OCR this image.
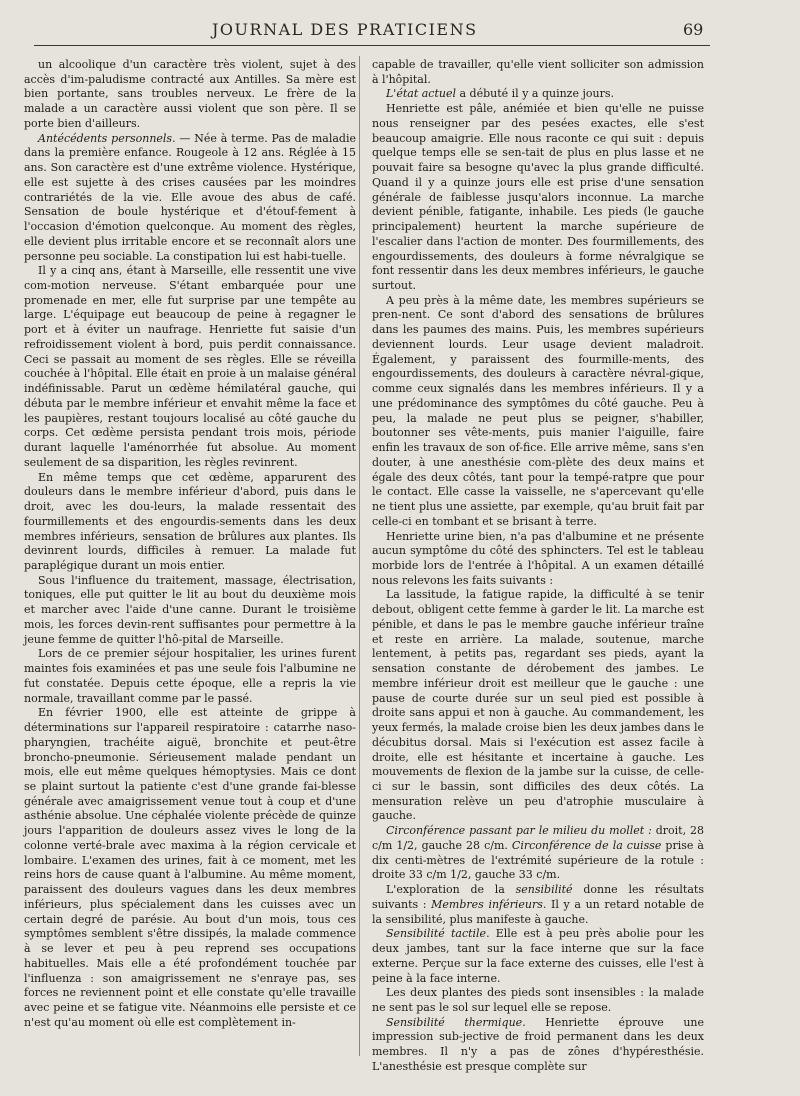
JOURNAL DES PRATICIENS	69

un alcoolique d'un caractère très violent, sujet à des accès d'im-paludisme contracté aux Antilles. Sa mère est bien portante, sans troubles nerveux. Le frère de la malade a un caractère aussi violent que son père. Il se porte bien d'ailleurs.

Antécédents personnels. — Née à terme. Pas de maladie dans la première enfance. Rougeole à 12 ans. Réglée à 15 ans. Son caractère est d'une extrême violence. Hystérique, elle est sujette à des crises causées par les moindres contrariétés de la vie. Elle avoue des abus de café. Sensation de boule hystérique et d'étouf-fement à l'occasion d'émotion quelconque. Au moment des règles, elle devient plus irritable encore et se reconnaît alors une personne peu sociable. La constipation lui est habi-tuelle.

Il y a cinq ans, étant à Marseille, elle ressentit une vive com-motion nerveuse. S'étant embarquée pour une promenade en mer, elle fut surprise par une tempête au large. L'équipage eut beaucoup de peine à regagner le port et à éviter un naufrage. Henriette fut saisie d'un refroidissement violent à bord, puis perdit connaissance. Ceci se passait au moment de ses règles. Elle se réveilla couchée à l'hôpital. Elle était en proie à un malaise général indéfinissable. Parut un œdème hémilatéral gauche, qui débuta par le membre inférieur et envahit même la face et les paupières, restant toujours localisé au côté gauche du corps. Cet œdème persista pendant trois mois, période durant laquelle l'aménorrhée fut absolue. Au moment seulement de sa disparition, les règles revinrent.

En même temps que cet œdème, apparurent des douleurs dans le membre inférieur d'abord, puis dans le droit, avec les dou-leurs, la malade ressentait des fourmillements et des engourdis-sements dans les deux membres inférieurs, sensation de brûlures aux plantes. Ils devinrent lourds, difficiles à remuer. La malade fut paraplégique durant un mois entier.

Sous l'influence du traitement, massage, électrisation, toniques, elle put quitter le lit au bout du deuxième mois et marcher avec l'aide d'une canne. Durant le troisième mois, les forces devin-rent suffisantes pour permettre à la jeune femme de quitter l'hô-pital de Marseille.

Lors de ce premier séjour hospitalier, les urines furent maintes fois examinées et pas une seule fois l'albumine ne fut constatée. Depuis cette époque, elle a repris la vie normale, travaillant comme par le passé.

En février 1900, elle est atteinte de grippe à déterminations sur l'appareil respiratoire : catarrhe naso-pharyngien, trachéite aiguë, bronchite et peut-être broncho-pneumonie. Sérieusement malade pendant un mois, elle eut même quelques hémoptysies. Mais ce dont se plaint surtout la patiente c'est d'une grande fai-blesse générale avec amaigrissement venue tout à coup et d'une asthénie absolue. Une céphalée violente précède de quinze jours l'apparition de douleurs assez vives le long de la colonne verté-brale avec maxima à la région cervicale et lombaire. L'examen des urines, fait à ce moment, met les reins hors de cause quant à l'albumine. Au même moment, paraissent des douleurs vagues dans les deux membres inférieurs, plus spécialement dans les cuisses avec un certain degré de parésie. Au bout d'un mois, tous ces symptômes semblent s'être dissipés, la malade commence à se lever et peu à peu reprend ses occupations habituelles. Mais elle a été profondément touchée par l'influenza : son amaigrissement ne s'enraye pas, ses forces ne reviennent point et elle constate qu'elle travaille avec peine et se fatigue vite. Néanmoins elle persiste et ce n'est qu'au moment où elle est complètement in-

capable de travailler, qu'elle vient solliciter son admission à l'hôpital.

L'état actuel a débuté il y a quinze jours.

Henriette est pâle, anémiée et bien qu'elle ne puisse nous renseigner par des pesées exactes, elle s'est beaucoup amaigrie. Elle nous raconte ce qui suit : depuis quelque temps elle se sen-tait de plus en plus lasse et ne pouvait faire sa besogne qu'avec la plus grande difficulté. Quand il y a quinze jours elle est prise d'une sensation générale de faiblesse jusqu'alors inconnue. La marche devient pénible, fatigante, inhabile. Les pieds (le gauche principalement) heurtent la marche supérieure de l'escalier dans l'action de monter. Des fourmillements, des engourdissements, des douleurs à forme névralgique se font ressentir dans les deux membres inférieurs, le gauche surtout.

A peu près à la même date, les membres supérieurs se pren-nent. Ce sont d'abord des sensations de brûlures dans les paumes des mains. Puis, les membres supérieurs deviennent lourds. Leur usage devient maladroit. Également, y paraissent des fourmille-ments, des engourdissements, des douleurs à caractère névral-gique, comme ceux signalés dans les membres inférieurs. Il y a une prédominance des symptômes du côté gauche. Peu à peu, la malade ne peut plus se peigner, s'habiller, boutonner ses vête-ments, puis manier l'aiguille, faire enfin les travaux de son of-fice. Elle arrive même, sans s'en douter, à une anesthésie com-plète des deux mains et égale des deux côtés, tant pour la tempé-ratpre que pour le contact. Elle casse la vaisselle, ne s'apercevant qu'elle ne tient plus une assiette, par exemple, qu'au bruit fait par celle-ci en tombant et se brisant à terre.

Henriette urine bien, n'a pas d'albumine et ne présente aucun symptôme du côté des sphincters. Tel est le tableau morbide lors de l'entrée à l'hôpital. A un examen détaillé nous relevons les faits suivants :

La lassitude, la fatigue rapide, la difficulté à se tenir debout, obligent cette femme à garder le lit. La marche est pénible, et dans le pas le membre gauche inférieur traîne et reste en arrière. La malade, soutenue, marche lentement, à petits pas, regardant ses pieds, ayant la sensation constante de dérobement des jambes. Le membre inférieur droit est meilleur que le gauche : une pause de courte durée sur un seul pied est possible à droite sans appui et non à gauche. Au commandement, les yeux fermés, la malade croise bien les deux jambes dans le décubitus dorsal. Mais si l'exécution est assez facile à droite, elle est hésitante et incertaine à gauche. Les mouvements de flexion de la jambe sur la cuisse, de celle-ci sur le bassin, sont difficiles des deux côtés. La mensuration relève un peu d'atrophie musculaire à gauche.

Circonférence passant par le milieu du mollet : droit, 28 c/m 1/2, gauche 28 c/m. Circonférence de la cuisse prise à dix centi-mètres de l'extrémité supérieure de la rotule : droite 33 c/m 1/2, gauche 33 c/m.

L'exploration de la sensibilité donne les résultats suivants : Membres inférieurs. Il y a un retard notable de la sensibilité, plus manifeste à gauche.

Sensibilité tactile. Elle est à peu près abolie pour les deux jambes, tant sur la face interne que sur la face externe. Perçue sur la face externe des cuisses, elle l'est à peine à la face interne.

Les deux plantes des pieds sont insensibles : la malade ne sent pas le sol sur lequel elle se repose.

Sensibilité thermique. Henriette éprouve une impression sub-jective de froid permanent dans les deux membres. Il n'y a pas de zônes d'hypéresthésie. L'anesthésie est presque complète sur
